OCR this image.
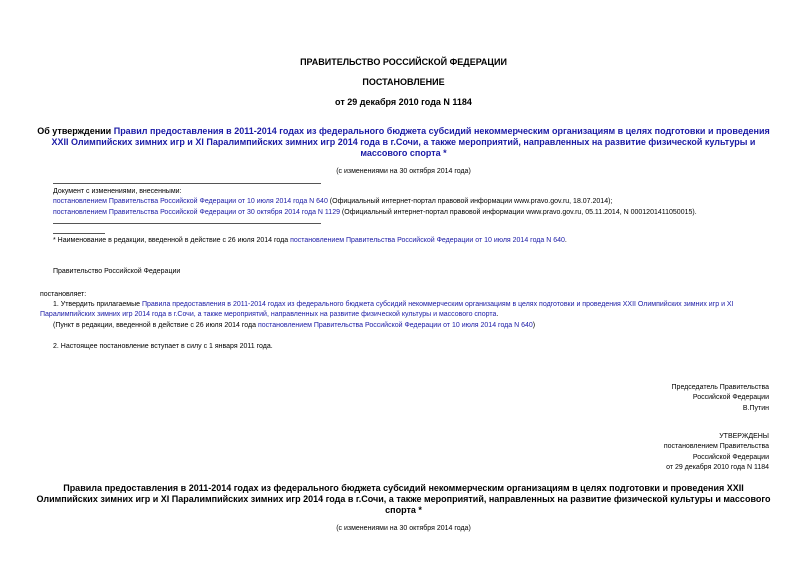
ПРАВИТЕЛЬСТВО РОССИЙСКОЙ ФЕДЕРАЦИИ
ПОСТАНОВЛЕНИЕ
от 29 декабря 2010 года N 1184
Об утверждении Правил предоставления в 2011-2014 годах из федерального бюджета субсидий некоммерческим организациям в целях подготовки и проведения
XXII Олимпийских зимних игр и XI Паралимпийских зимних игр 2014 года в г.Сочи, а также мероприятий, направленных на развитие физической культуры и
массового спорта *
(с изменениями на 30 октября 2014 года)
Документ с изменениями, внесенными:
постановлением Правительства Российской Федерации от 10 июля 2014 года N 640 (Официальный интернет-портал правовой информации www.pravo.gov.ru, 18.07.2014);
постановлением Правительства Российской Федерации от 30 октября 2014 года N 1129 (Официальный интернет-портал правовой информации www.pravo.gov.ru, 05.11.2014, N 0001201411050015).
* Наименование в редакции, введенной в действие с 26 июля 2014 года постановлением Правительства Российской Федерации от 10 июля 2014 года N 640.
Правительство Российской Федерации
постановляет:
1. Утвердить прилагаемые Правила предоставления в 2011-2014 годах из федерального бюджета субсидий некоммерческим организациям в целях подготовки и проведения XXII Олимпийских зимних игр и XI
Паралимпийских зимних игр 2014 года в г.Сочи, а также мероприятий, направленных на развитие физической культуры и массового спорта.
(Пункт в редакции, введенной в действие с 26 июля 2014 года постановлением Правительства Российской Федерации от 10 июля 2014 года N 640)
2. Настоящее постановление вступает в силу с 1 января 2011 года.
Председатель Правительства
Российской Федерации
В.Путин
УТВЕРЖДЕНЫ
постановлением Правительства
Российской Федерации
от 29 декабря 2010 года N 1184
Правила предоставления в 2011-2014 годах из федерального бюджета субсидий некоммерческим организациям в целях подготовки и проведения XXII
Олимпийских зимних игр и XI Паралимпийских зимних игр 2014 года в г.Сочи, а также мероприятий, направленных на развитие физической культуры и массового
спорта *
(с изменениями на 30 октября 2014 года)
